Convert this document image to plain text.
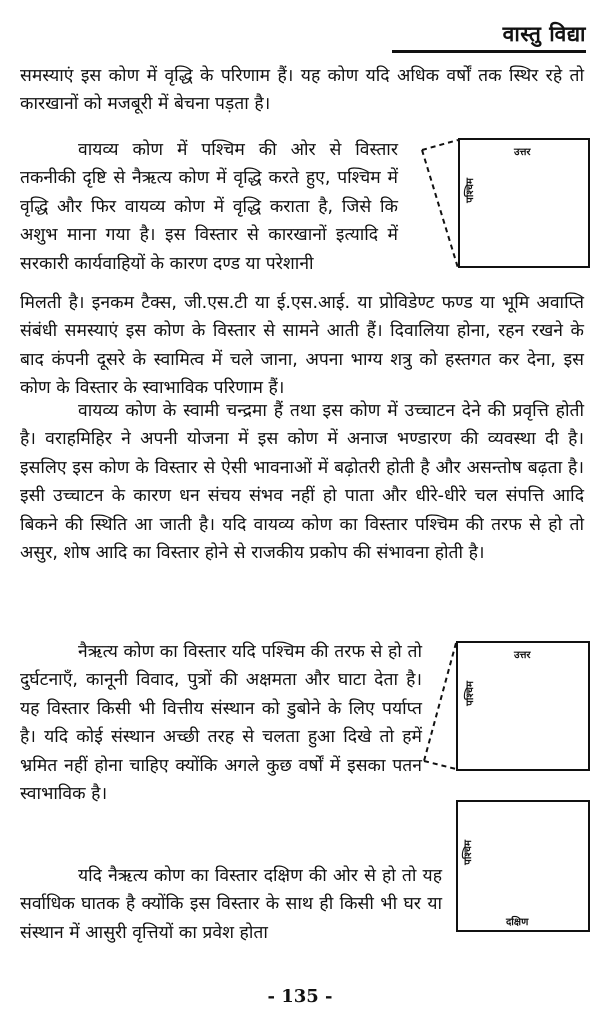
वास्तु विद्या

समस्याएं इस कोण में वृद्धि के परिणाम हैं। यह कोण यदि अधिक वर्षों तक स्थिर रहे तो कारखानों को मजबूरी में बेचना पड़ता है।

वायव्य कोण में पश्चिम की ओर से विस्तार तकनीकी दृष्टि से नैऋत्य कोण में वृद्धि करते हुए, पश्चिम में वृद्धि और फिर वायव्य कोण में वृद्धि कराता है, जिसे कि अशुभ माना गया है। इस विस्तार से कारखानों इत्यादि में सरकारी कार्यवाहियों के कारण दण्ड या परेशानी

मिलती है। इनकम टैक्स, जी.एस.टी या ई.एस.आई. या प्रोविडेण्ट फण्ड या भूमि अवाप्ति संबंधी समस्याएं इस कोण के विस्तार से सामने आती हैं। दिवालिया होना, रहन रखने के बाद कंपनी दूसरे के स्वामित्व में चले जाना, अपना भाग्य शत्रु को हस्तगत कर देना, इस कोण के विस्तार के स्वाभाविक परिणाम हैं।

वायव्य कोण के स्वामी चन्द्रमा हैं तथा इस कोण में उच्चाटन देने की प्रवृत्ति होती है। वराहमिहिर ने अपनी योजना में इस कोण में अनाज भण्डारण की व्यवस्था दी है। इसलिए इस कोण के विस्तार से ऐसी भावनाओं में बढ़ोतरी होती है और असन्तोष बढ़ता है। इसी उच्चाटन के कारण धन संचय संभव नहीं हो पाता और धीरे-धीरे चल संपत्ति आदि बिकने की स्थिति आ जाती है। यदि वायव्य कोण का विस्तार पश्चिम की तरफ से हो तो असुर, शोष आदि का विस्तार होने से राजकीय प्रकोप की संभावना होती है।

नैऋत्य कोण का विस्तार यदि पश्चिम की तरफ से हो तो दुर्घटनाएँ, कानूनी विवाद, पुत्रों की अक्षमता और घाटा देता है। यह विस्तार किसी भी वित्तीय संस्थान को डुबोने के लिए पर्याप्त है। यदि कोई संस्थान अच्छी तरह से चलता हुआ दिखे तो हमें भ्रमित नहीं होना चाहिए क्योंकि अगले कुछ वर्षों में इसका पतन स्वाभाविक है।

यदि नैऋत्य कोण का विस्तार दक्षिण की ओर से हो तो यह सर्वाधिक घातक है क्योंकि इस विस्तार के साथ ही किसी भी घर या संस्थान में आसुरी वृत्तियों का प्रवेश होता

उत्तर
पश्चिम
उत्तर
पश्चिम
पश्चिम
दक्षिण
- 135 -
